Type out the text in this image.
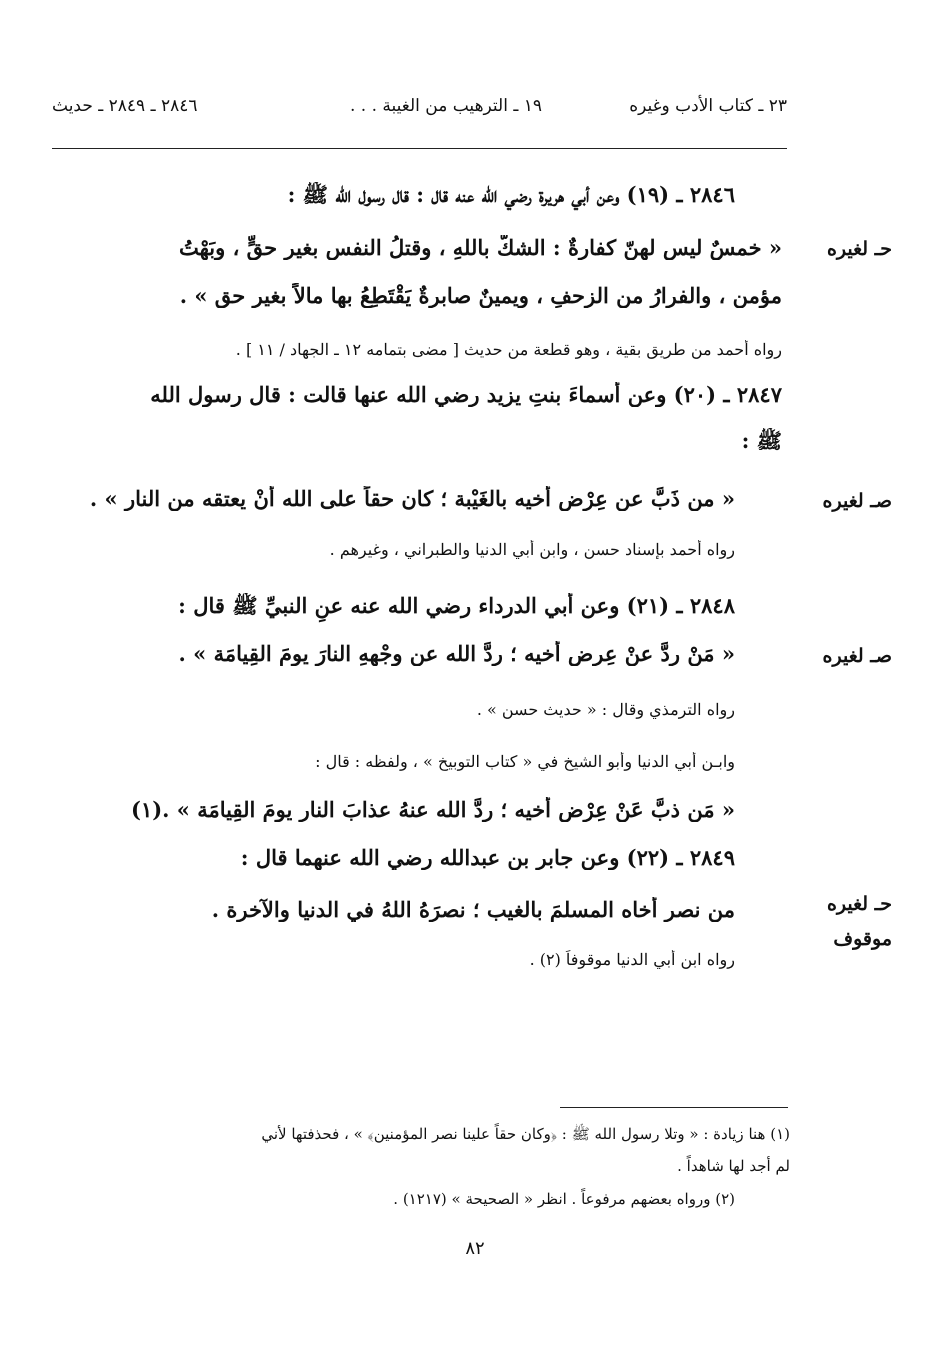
٢٣ ـ كتاب الأدب وغيره
١٩ ـ الترهيب من الغيبة . . .
٢٨٤٦ ـ ٢٨٤٩ ـ حديث
٢٨٤٦ ـ (١٩) وعن أبي هريرة رضي الله عنه قال : قال رسول الله ﷺ :
حـ لغيره
« خمسٌ ليس لهنّ كفارةٌ : الشكُّ باللهِ ، وقتلُ النفسِ بغيرِ حقٍّ ، وبَهْتُ
مؤمنٍ ، والفرارُ من الزحفِ ، ويمينٌ صابرةٌ يَقْتَطِعُ بها مالاً بغير حق » .
رواه أحمد من طريق بقية ، وهو قطعة من حديث [ مضى بتمامه ١٢ ـ الجهاد / ١١ ] .
٢٨٤٧ ـ (٢٠) وعن أسماءَ بنتِ يزيد رضي الله عنها قالت : قال رسول الله
ﷺ :
صـ لغيره
« من ذَبَّ عن عِرْضِ أخيه بالغَيْبة ؛ كان حقاً على الله أنْ يعتقه من النار » .
رواه أحمد بإسناد حسن ، وابن أبي الدنيا والطبراني ، وغيرهم .
٢٨٤٨ ـ (٢١) وعن أبي الدرداء رضي الله عنه عنِ النبيِّ ﷺ قال :
صـ لغيره
« مَنْ ردَّ عنْ عِرضِ أخيه ؛ ردَّ الله عن وجْهِهِ النارَ يومَ القِيامَة » .
رواه الترمذي وقال : « حديث حسن » .
وابـن أبي الدنيا وأبو الشيخ في « كتاب التوبيخ » ، ولفظه : قال :
« مَن ذبَّ عَنْ عِرْضِ أخيه ؛ ردَّ الله عنهُ عذابَ النارِ يومَ القِيامَة » .(١)
٢٨٤٩ ـ (٢٢) وعن جابر بن عبدالله رضي الله عنهما قال :
حـ لغيره
موقوف
من نصر أخاه المسلمَ بالغيب ؛ نصرَهُ اللهُ في الدنيا والآخرة .
رواه ابن أبي الدنيا موقوفاً (٢) .
(١) هنا زيادة : « وتلا رسول الله ﷺ : ﴿وكان حقاً علينا نصر المؤمنين﴾ » ، فحذفتها لأني
لم أجد لها شاهداً .
(٢) ورواه بعضهم مرفوعاً . انظر « الصحيحة » (١٢١٧) .
٨٢
